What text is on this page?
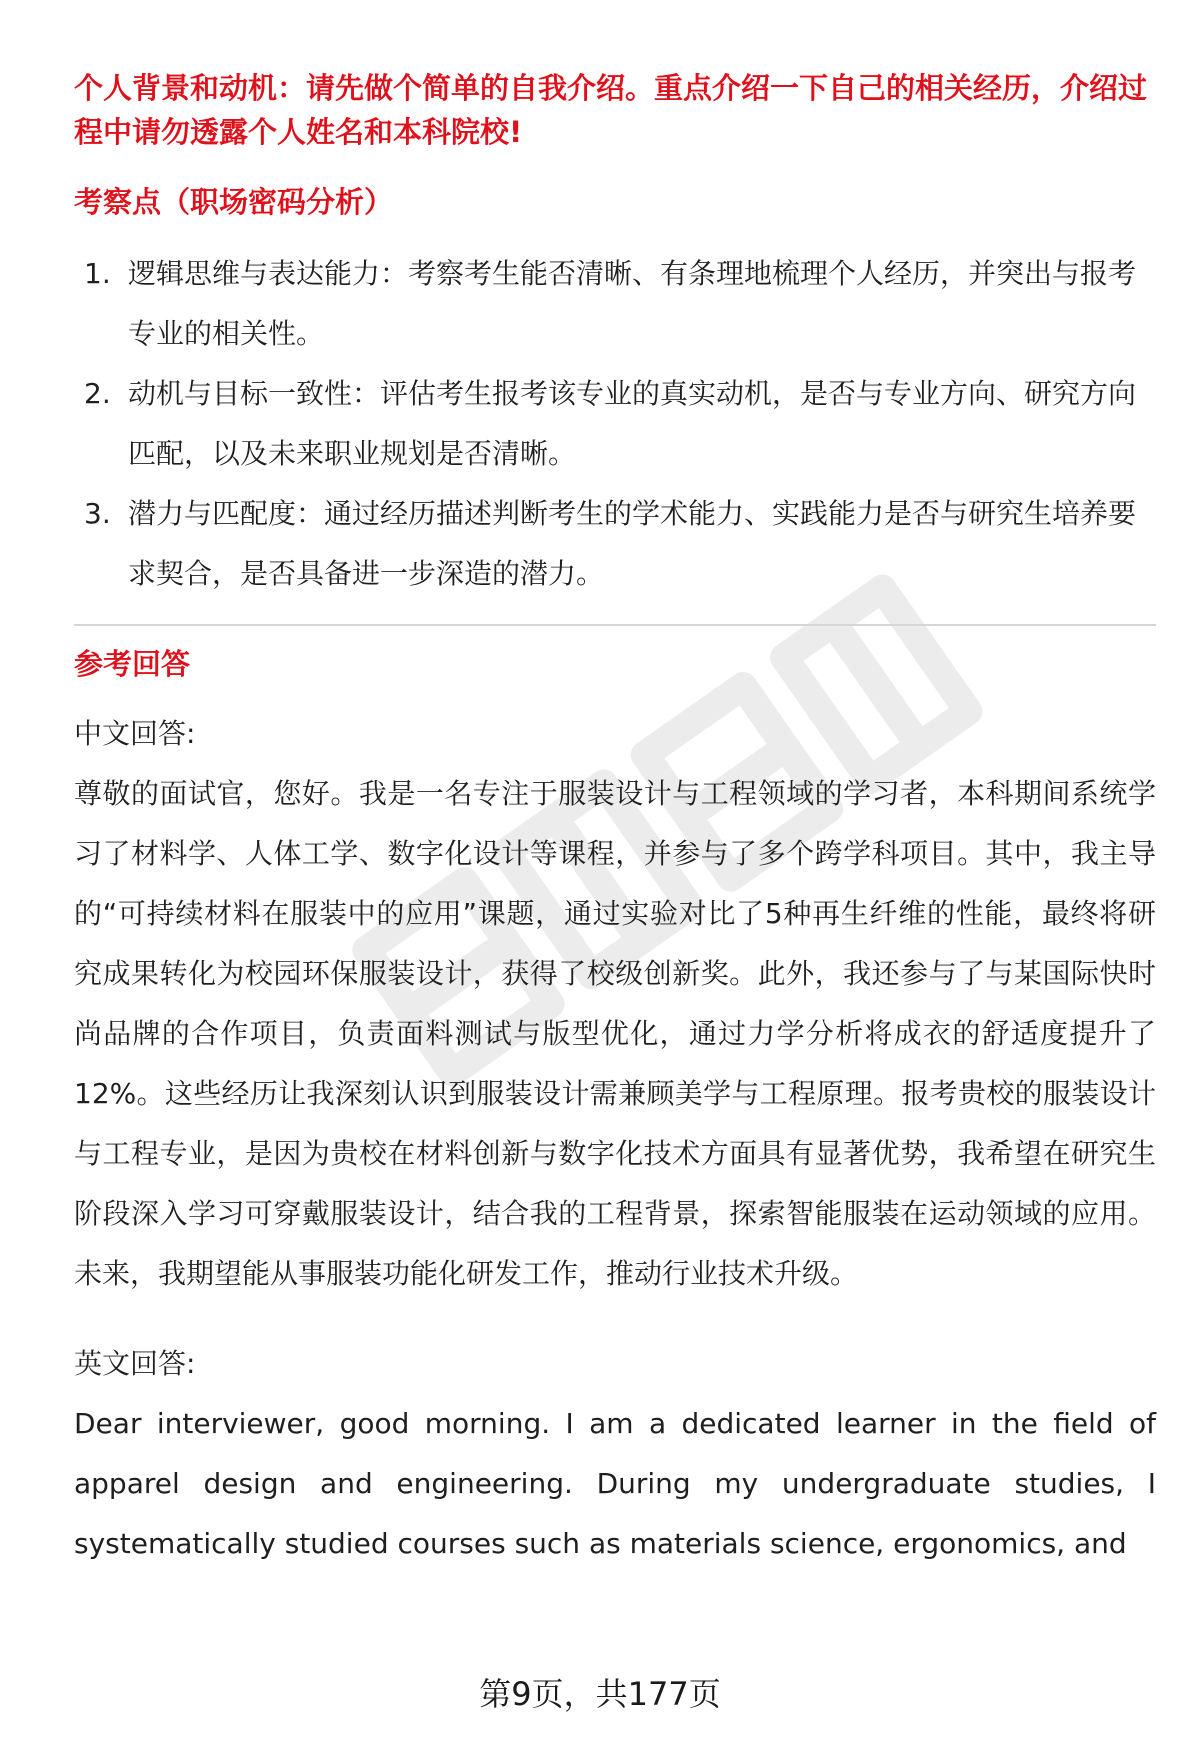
个人背景和动机：请先做个简单的自我介绍。重点介绍一下自己的相关经历，介绍过程中请勿透露个人姓名和本科院校!

考察点（职场密码分析）
1. 逻辑思维与表达能力：考察考生能否清晰、有条理地梳理个人经历，并突出与报考专业的相关性。
2. 动机与目标一致性：评估考生报考该专业的真实动机，是否与专业方向、研究方向匹配，以及未来职业规划是否清晰。
3. 潜力与匹配度：通过经历描述判断考生的学术能力、实践能力是否与研究生培养要求契合，是否具备进一步深造的潜力。
参考回答
中文回答:

尊敬的面试官，您好。我是一名专注于服装设计与工程领域的学习者，本科期间系统学习了材料学、人体工学、数字化设计等课程，并参与了多个跨学科项目。其中，我主导的“可持续材料在服装中的应用”课题，通过实验对比了5种再生纤维的性能，最终将研究成果转化为校园环保服装设计，获得了校级创新奖。此外，我还参与了与某国际快时尚品牌的合作项目，负责面料测试与版型优化，通过力学分析将成衣的舒适度提升了12%。这些经历让我深刻认识到服装设计需兼顾美学与工程原理。报考贵校的服装设计与工程专业，是因为贵校在材料创新与数字化技术方面具有显著优势，我希望在研究生阶段深入学习可穿戴服装设计，结合我的工程背景，探索智能服装在运动领域的应用。未来，我期望能从事服装功能化研发工作，推动行业技术升级。

英文回答:

Dear interviewer, good morning. I am a dedicated learner in the field of apparel design and engineering. During my undergraduate studies, I systematically studied courses such as materials science, ergonomics, and

第9页，共177页
